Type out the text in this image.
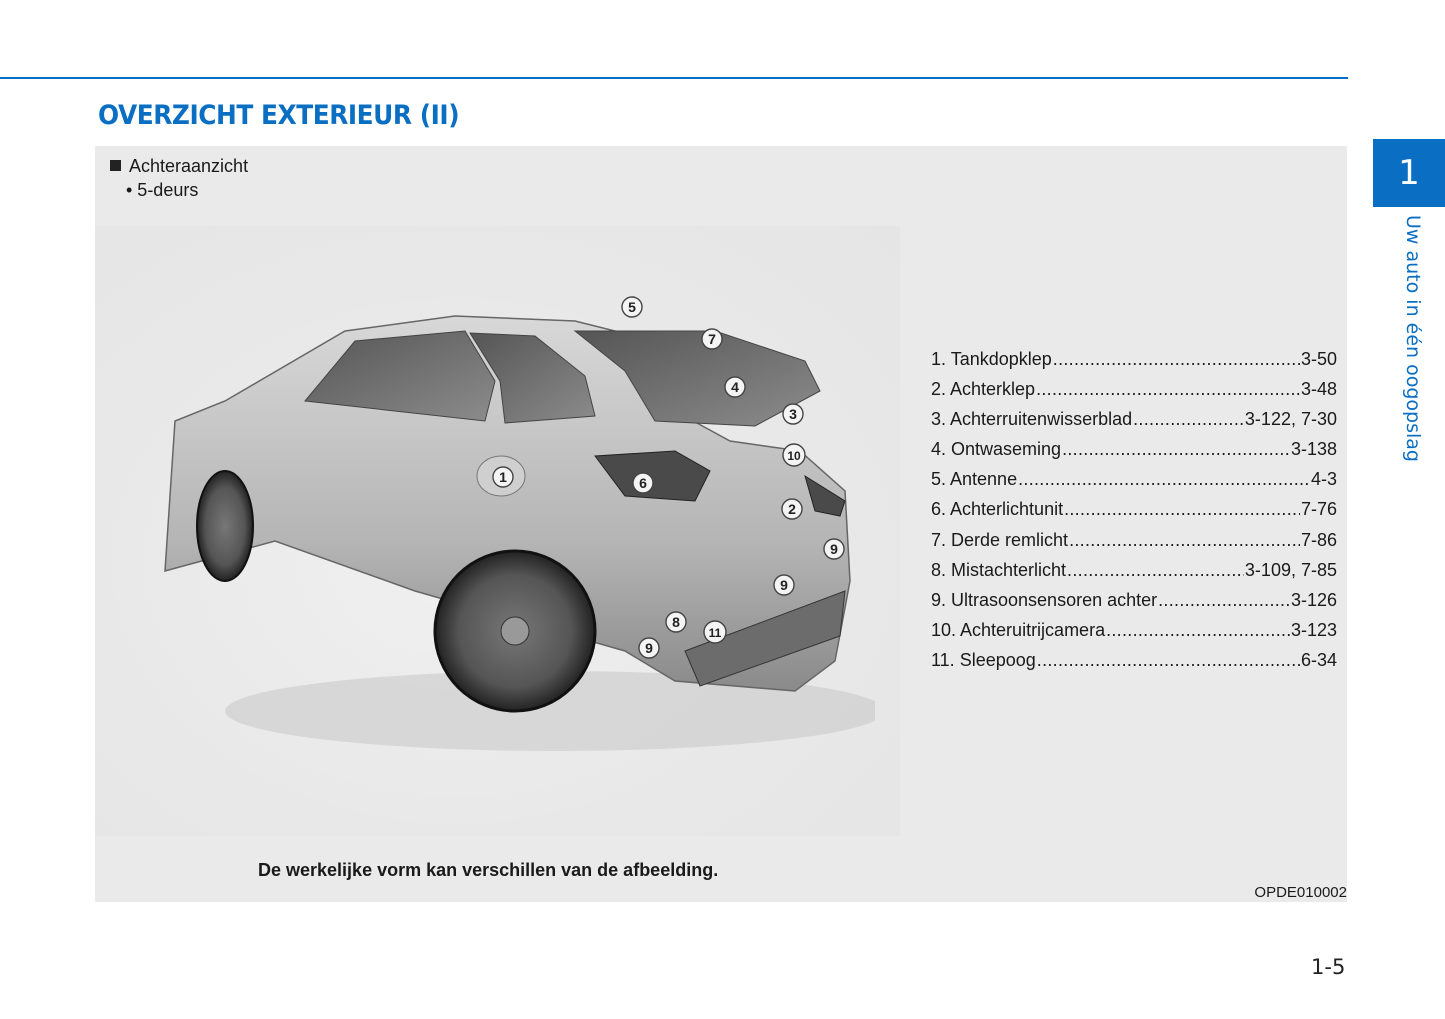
OVERZICHT EXTERIEUR (II)
1
Uw auto in één oogopslag
Achteraanzicht
• 5-deurs
1
2
3
4
5
6
7
8
9
9
9
10
11
1. Tankdopklep .....	3-50
2. Achterklep .....	3-48
3. Achterruitenwisserblad .....	3-122, 7-30
4. Ontwaseming .....	3-138
5. Antenne .....	4-3
6. Achterlichtunit .....	7-76
7. Derde remlicht .....	7-86
8. Mistachterlicht .....	3-109, 7-85
9. Ultrasoonsensoren achter .....	3-126
10. Achteruitrijcamera .....	3-123
11. Sleepoog .....	6-34
De werkelijke vorm kan verschillen van de afbeelding.
OPDE010002
1-5
